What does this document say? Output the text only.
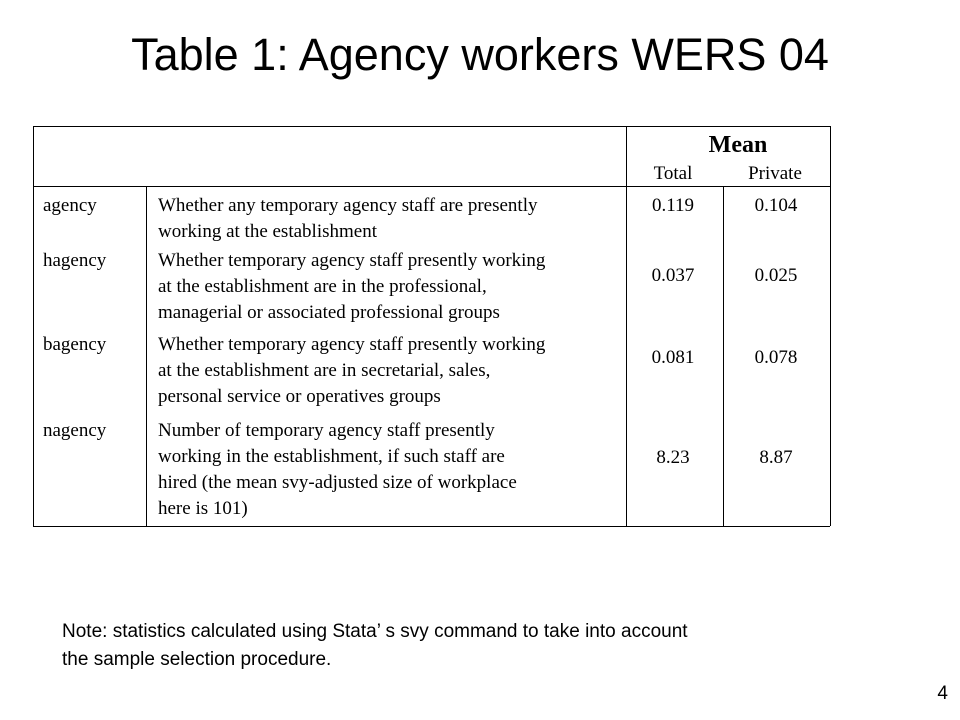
Table 1: Agency workers WERS 04
Mean
Total	Private
agency	Whether any temporary agency staff are presently
working at the establishment
0.119	0.104
hagency	Whether temporary agency staff presently working
at the establishment are in the professional,
managerial or associated professional groups
0.037	0.025
bagency	Whether temporary agency staff presently working
at the establishment are in secretarial, sales,
personal service or operatives groups
0.081	0.078
nagency	Number of temporary agency staff presently
working in the establishment, if such staff are
hired (the mean svy-adjusted size of workplace
here is 101)
8.23	8.87
Note: statistics calculated using Stata’ s svy command to take into account
the sample selection procedure.
4
